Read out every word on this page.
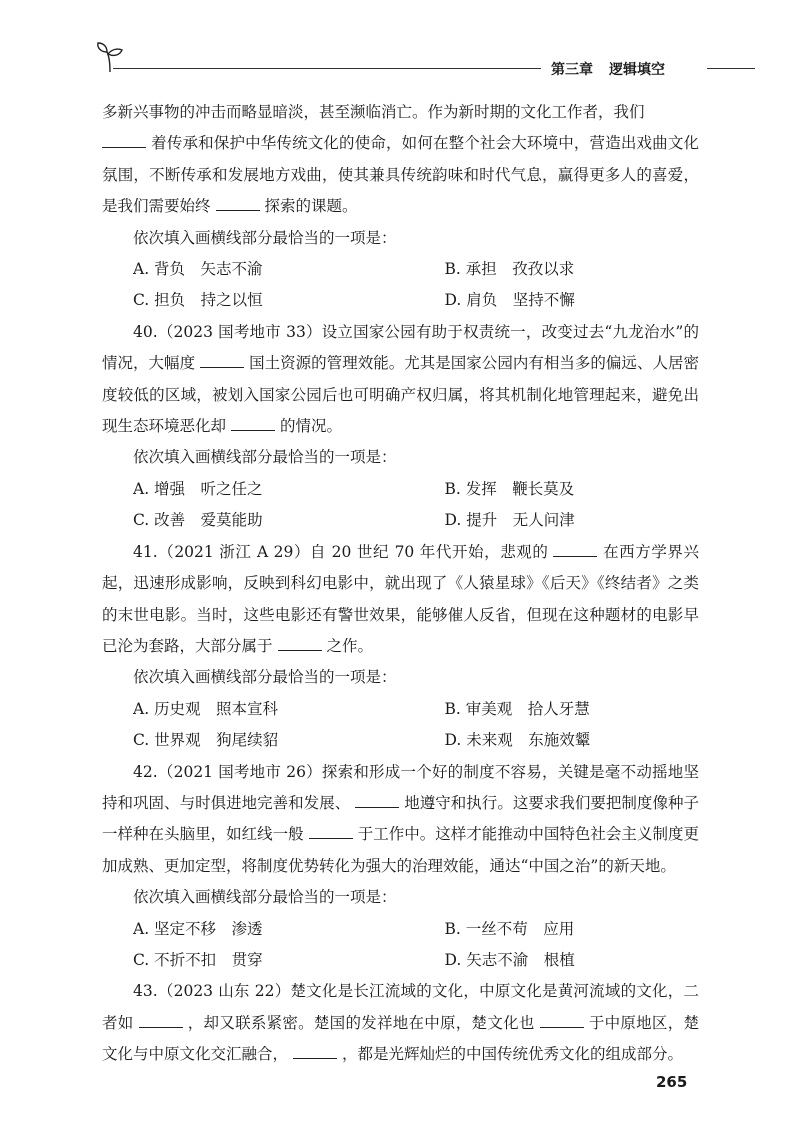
第三章 逻辑填空

多新兴事物的冲击而略显暗淡，甚至濒临消亡。作为新时期的文化工作者，我们
着传承和保护中华传统文化的使命，如何在整个社会大环境中，营造出戏曲文化氛围，不断传承和发展地方戏曲，使其兼具传统韵味和时代气息，赢得更多人的喜爱，是我们需要始终	探索的课题。

依次填入画横线部分最恰当的一项是：

A. 背负　矢志不渝	B. 承担　孜孜以求
C. 担负　持之以恒	D. 肩负　坚持不懈

40.（2023 国考地市 33）设立国家公园有助于权责统一，改变过去“九龙治水”的情况，大幅度	国土资源的管理效能。尤其是国家公园内有相当多的偏远、人居密度较低的区域，被划入国家公园后也可明确产权归属，将其机制化地管理起来，避免出现生态环境恶化却	的情况。

依次填入画横线部分最恰当的一项是：

A. 增强　听之任之	B. 发挥　鞭长莫及
C. 改善　爱莫能助	D. 提升　无人问津

41.（2021 浙江 A 29）自 20 世纪 70 年代开始，悲观的	在西方学界兴起，迅速形成影响，反映到科幻电影中，就出现了《人猿星球》《后天》《终结者》之类的末世电影。当时，这些电影还有警世效果，能够催人反省，但现在这种题材的电影早已沦为套路，大部分属于	之作。

依次填入画横线部分最恰当的一项是：

A. 历史观　照本宣科	B. 审美观　拾人牙慧
C. 世界观　狗尾续貂	D. 未来观　东施效颦

42.（2021 国考地市 26）探索和形成一个好的制度不容易，关键是毫不动摇地坚持和巩固、与时俱进地完善和发展、	地遵守和执行。这要求我们要把制度像种子一样种在头脑里，如红线一般	于工作中。这样才能推动中国特色社会主义制度更加成熟、更加定型，将制度优势转化为强大的治理效能，通达“中国之治”的新天地。

依次填入画横线部分最恰当的一项是：

A. 坚定不移　渗透	B. 一丝不苟　应用
C. 不折不扣　贯穿	D. 矢志不渝　根植

43.（2023 山东 22）楚文化是长江流域的文化，中原文化是黄河流域的文化，二者如	，却又联系紧密。楚国的发祥地在中原，楚文化也	于中原地区，楚文化与中原文化交汇融合，	，都是光辉灿烂的中国传统优秀文化的组成部分。

265
